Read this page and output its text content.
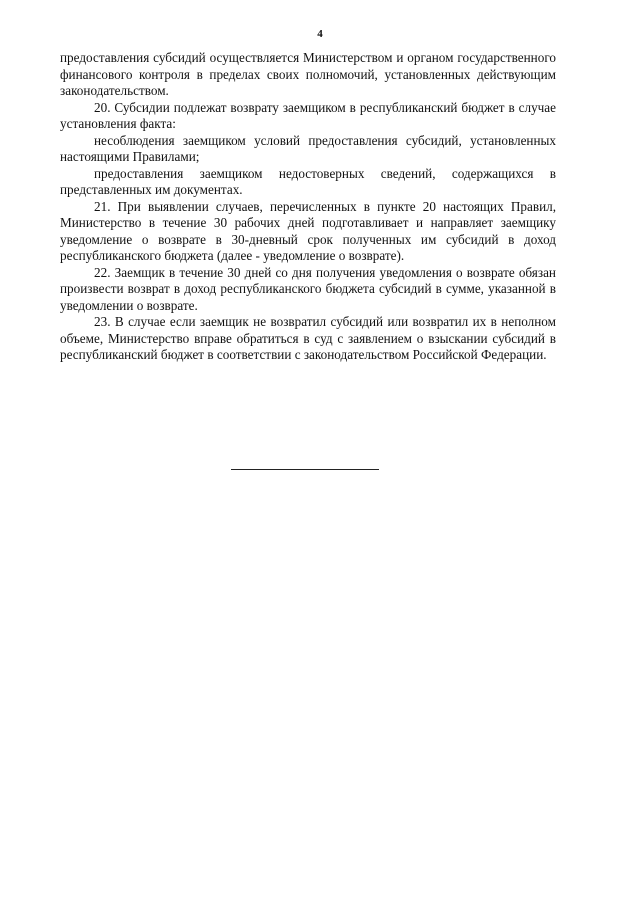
4

предоставления субсидий осуществляется Министерством и органом государственного финансового контроля в пределах своих полномочий, установленных действующим законодательством.

20. Субсидии подлежат возврату заемщиком в республиканский бюджет в случае установления факта:

несоблюдения заемщиком условий предоставления субсидий, установленных настоящими Правилами;

предоставления заемщиком недостоверных сведений, содержащихся в представленных им документах.

21. При выявлении случаев, перечисленных в пункте 20 настоящих Правил, Министерство в течение 30 рабочих дней подготавливает и направляет заемщику уведомление о возврате в 30-дневный срок полученных им субсидий в доход республиканского бюджета (далее - уведомление о возврате).

22. Заемщик в течение 30 дней со дня получения уведомления о возврате обязан произвести возврат в доход республиканского бюджета субсидий в сумме, указанной в уведомлении о возврате.

23. В случае если заемщик не возвратил субсидий или возвратил их в неполном объеме, Министерство вправе обратиться в суд с заявлением о взыскании субсидий в республиканский бюджет в соответствии с законодательством Российской Федерации.
